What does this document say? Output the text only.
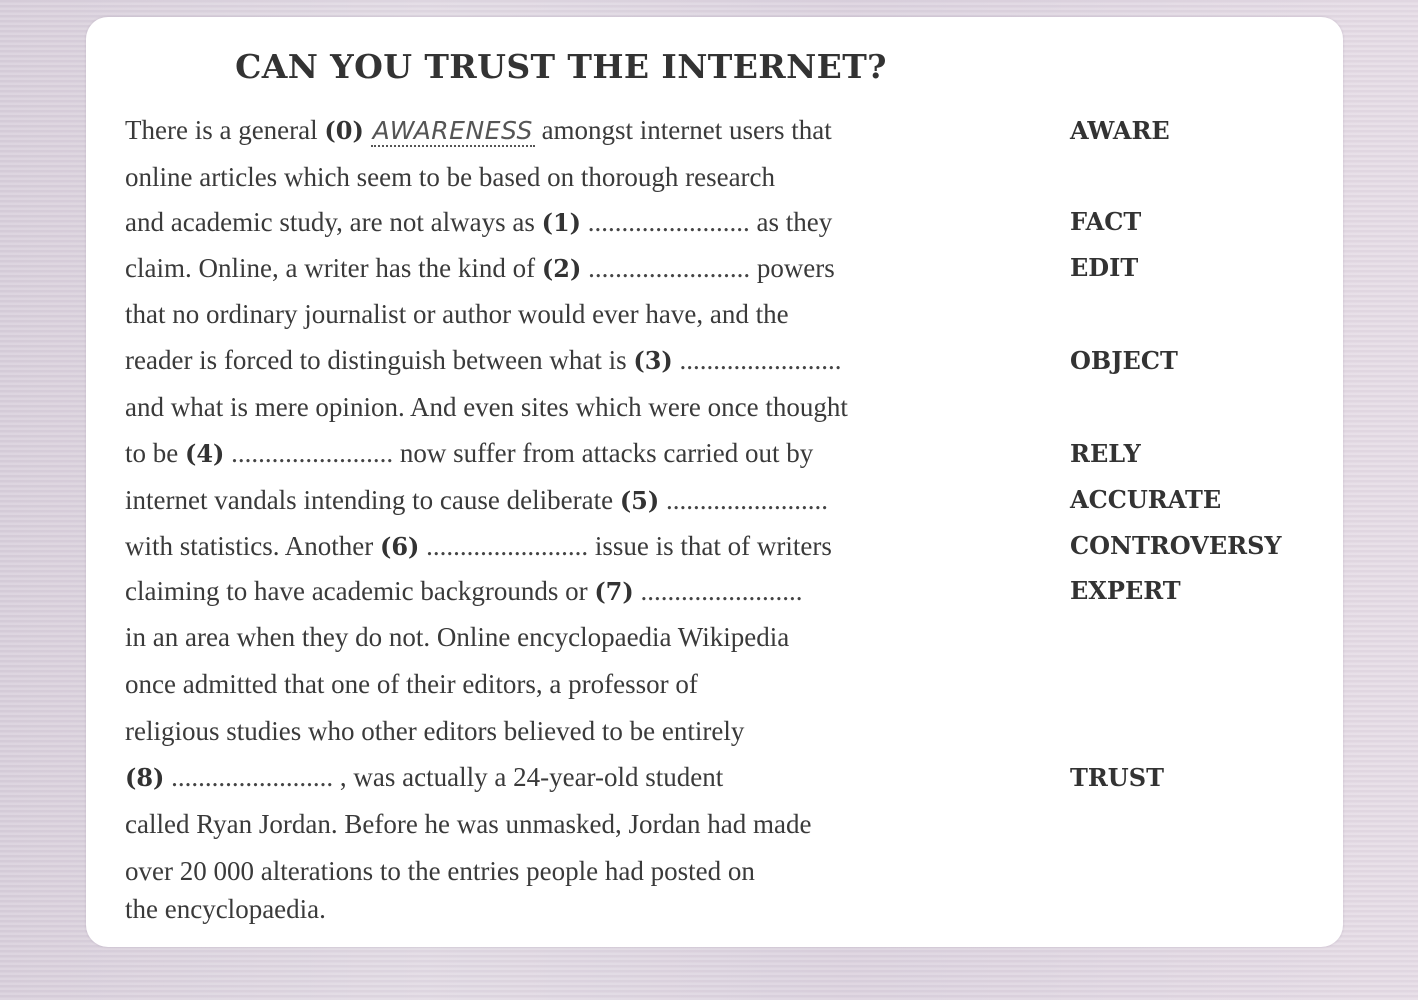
CAN YOU TRUST THE INTERNET?
There is a general (0) AWARENESS amongst internet users that
online articles which seem to be based on thorough research
and academic study, are not always as (1) ........................ as they
claim. Online, a writer has the kind of (2) ........................ powers
that no ordinary journalist or author would ever have, and the
reader is forced to distinguish between what is (3) ........................
and what is mere opinion. And even sites which were once thought
to be (4) ........................ now suffer from attacks carried out by
internet vandals intending to cause deliberate (5) ........................
with statistics. Another (6) ........................ issue is that of writers
claiming to have academic backgrounds or (7) ........................
in an area when they do not. Online encyclopaedia Wikipedia
once admitted that one of their editors, a professor of
religious studies who other editors believed to be entirely
(8) ........................ , was actually a 24-year-old student
called Ryan Jordan. Before he was unmasked, Jordan had made
over 20 000 alterations to the entries people had posted on
the encyclopaedia.
AWARE
FACT
EDIT
OBJECT
RELY
ACCURATE
CONTROVERSY
EXPERT
TRUST
